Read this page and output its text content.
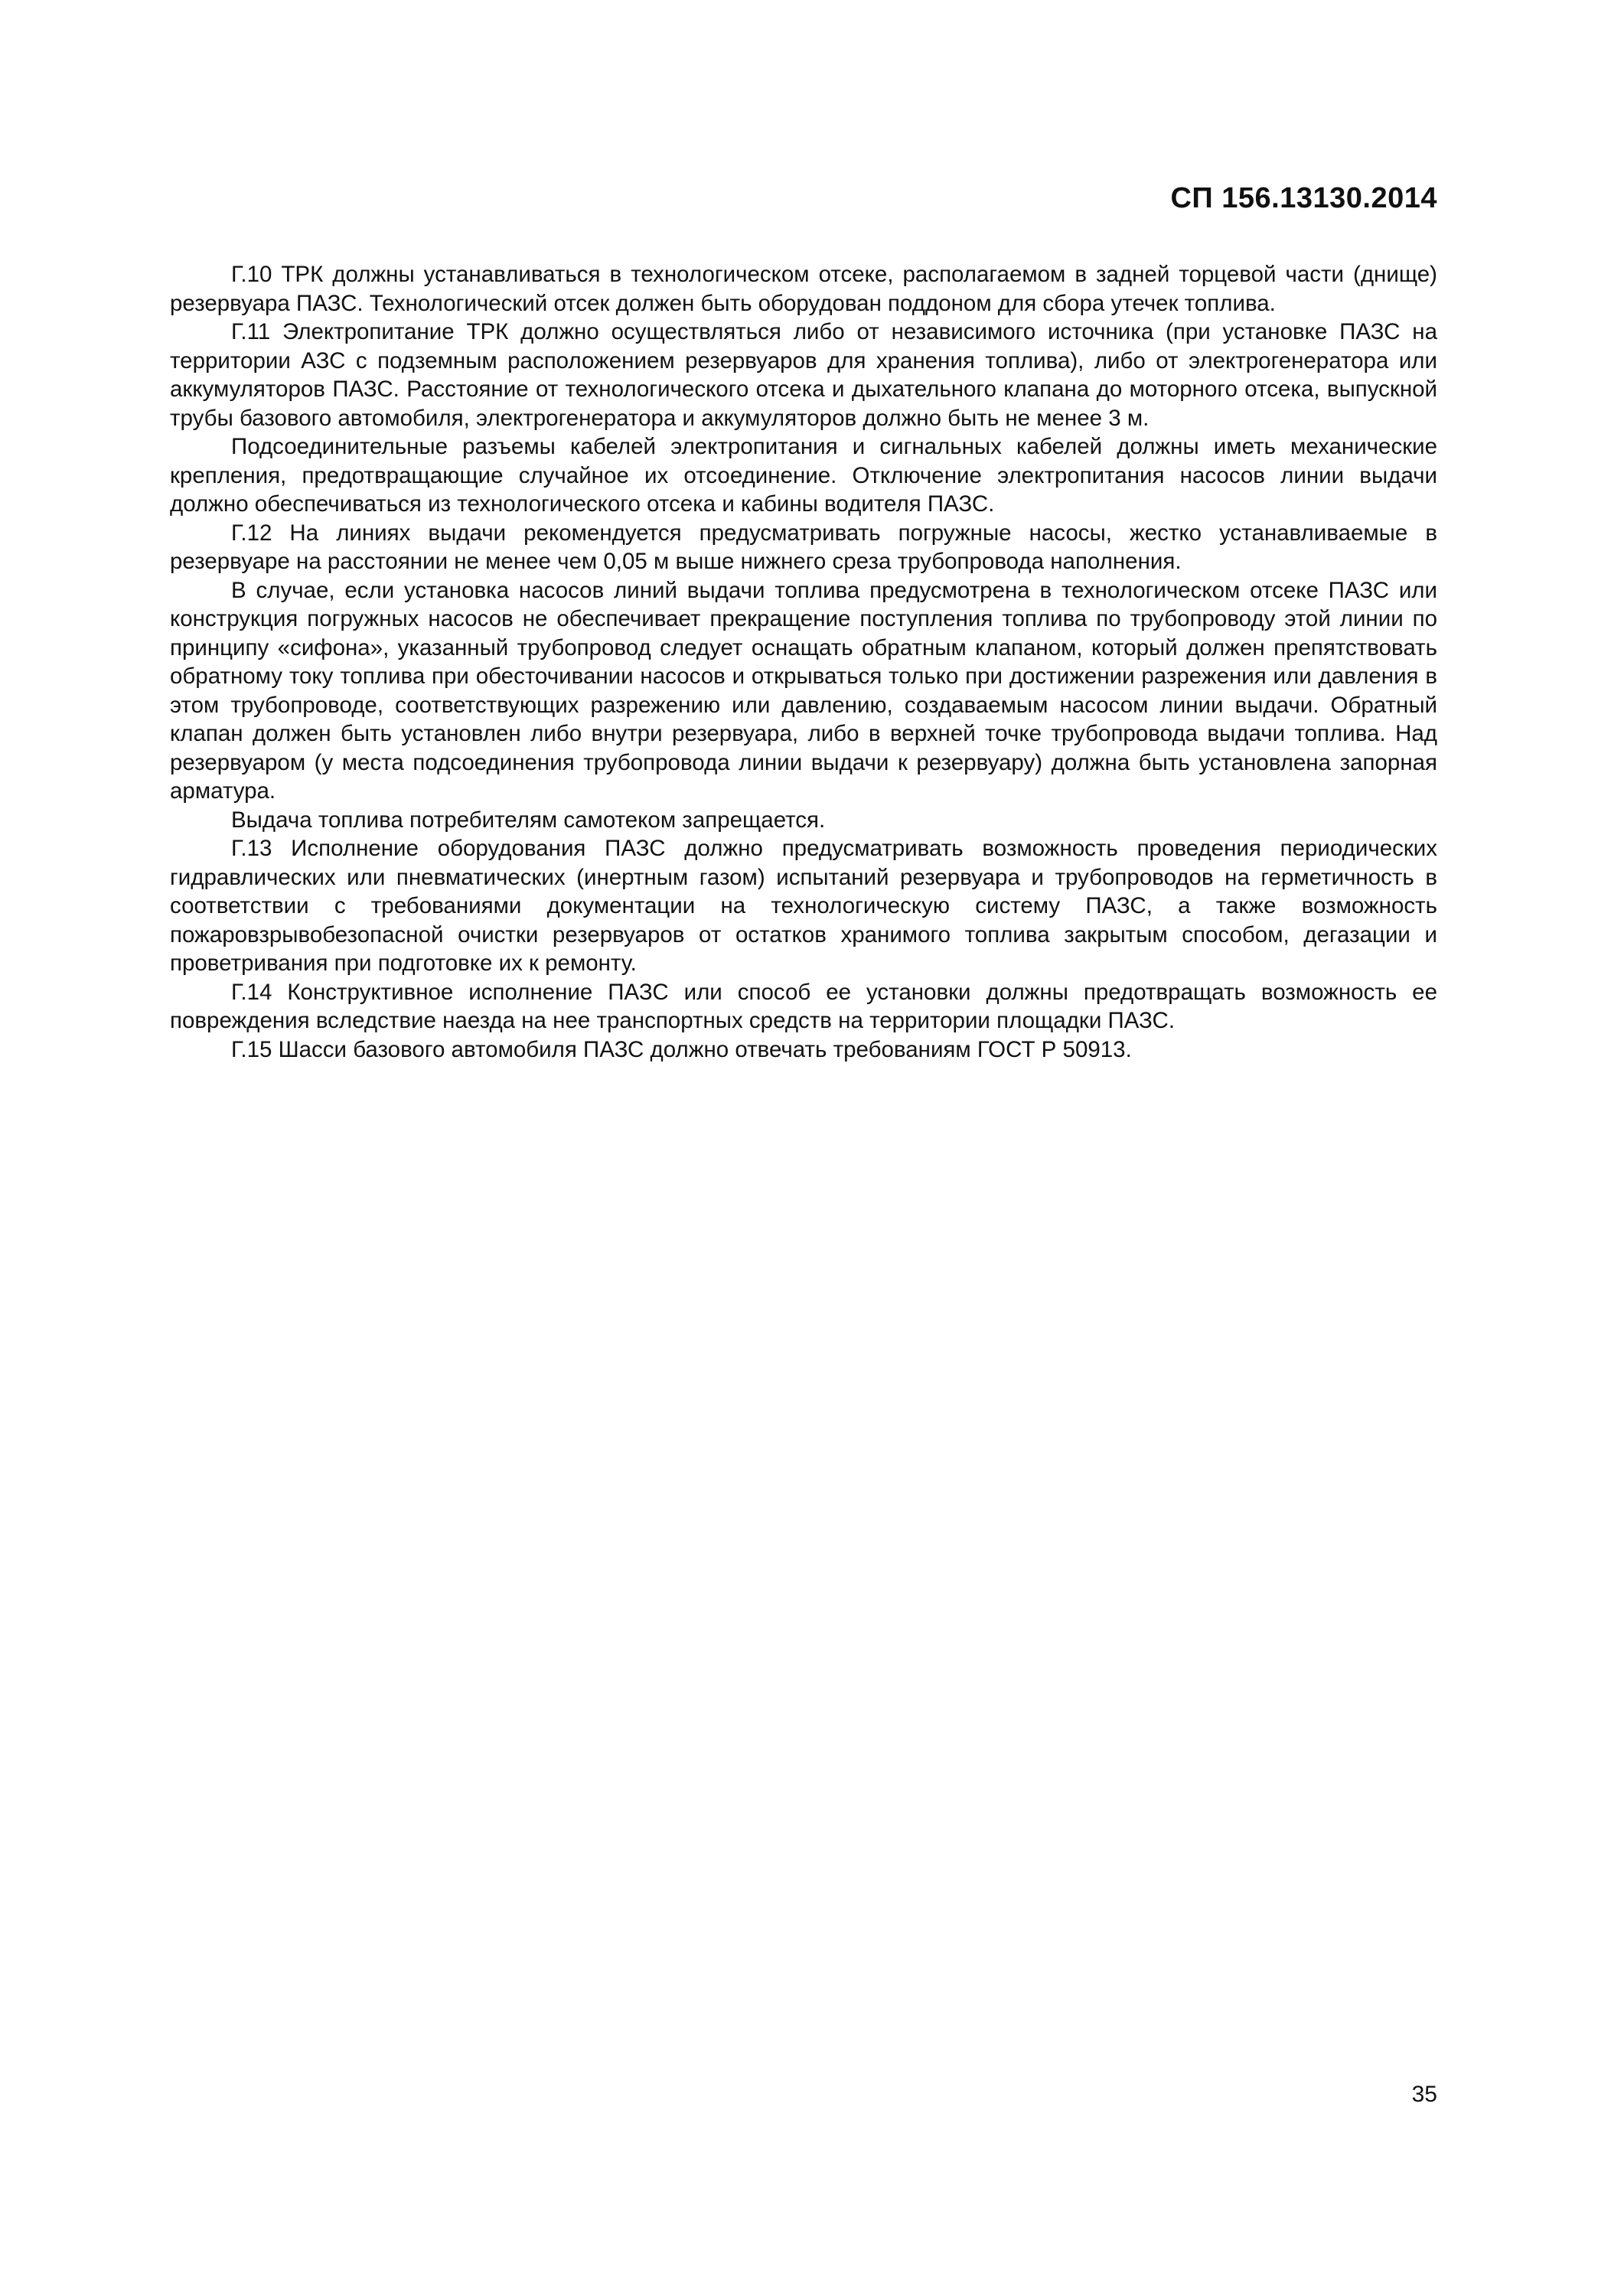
СП 156.13130.2014

Г.10 ТРК должны устанавливаться в технологическом отсеке, располагаемом в задней торцевой части (днище) резервуара ПАЗС. Технологический отсек должен быть оборудован поддоном для сбора утечек топлива.

Г.11 Электропитание ТРК должно осуществляться либо от независимого источника (при установке ПАЗС на территории АЗС с подземным расположением резервуаров для хранения топлива), либо от электрогенератора или аккумуляторов ПАЗС. Расстояние от технологического отсека и дыхательного клапана до моторного отсека, выпускной трубы базового автомобиля, электрогенератора и аккумуляторов должно быть не менее 3 м.

Подсоединительные разъемы кабелей электропитания и сигнальных кабелей должны иметь механические крепления, предотвращающие случайное их отсоединение. Отключение электропитания насосов линии выдачи должно обеспечиваться из технологического отсека и кабины водителя ПАЗС.

Г.12 На линиях выдачи рекомендуется предусматривать погружные насосы, жестко устанавливаемые в резервуаре на расстоянии не менее чем 0,05 м выше нижнего среза трубопровода наполнения.

В случае, если установка насосов линий выдачи топлива предусмотрена в технологическом отсеке ПАЗС или конструкция погружных насосов не обеспечивает прекращение поступления топлива по трубопроводу этой линии по принципу «сифона», указанный трубопровод следует оснащать обратным клапаном, который должен препятствовать обратному току топлива при обесточивании насосов и открываться только при достижении разрежения или давления в этом трубопроводе, соответствующих разрежению или давлению, создаваемым насосом линии выдачи. Обратный клапан должен быть установлен либо внутри резервуара, либо в верхней точке трубопровода выдачи топлива. Над резервуаром (у места подсоединения трубопровода линии выдачи к резервуару) должна быть установлена запорная арматура.

Выдача топлива потребителям самотеком запрещается.

Г.13 Исполнение оборудования ПАЗС должно предусматривать возможность проведения периодических гидравлических или пневматических (инертным газом) испытаний резервуара и трубопроводов на герметичность в соответствии с требованиями документации на технологическую систему ПАЗС, а также возможность пожаровзрывобезопасной очистки резервуаров от остатков хранимого топлива закрытым способом, дегазации и проветривания при подготовке их к ремонту.

Г.14 Конструктивное исполнение ПАЗС или способ ее установки должны предотвращать возможность ее повреждения вследствие наезда на нее транспортных средств на территории площадки ПАЗС.

Г.15 Шасси базового автомобиля ПАЗС должно отвечать требованиям ГОСТ Р 50913.

35
